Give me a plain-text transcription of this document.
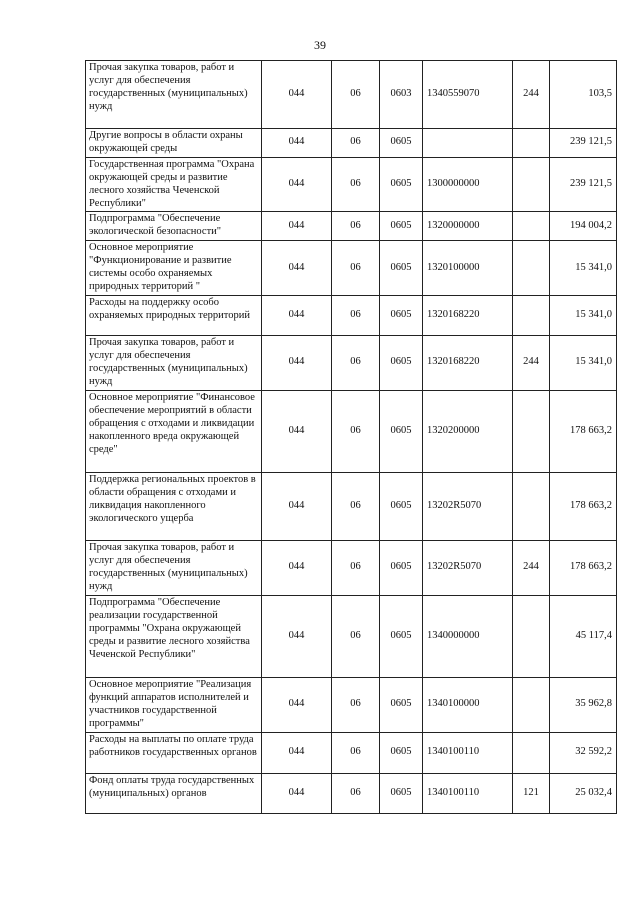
39
Прочая закупка товаров, работ и услуг для обеспечения государственных (муниципальных) нужд	044	06	0603	1340559070	244	103,5
Другие вопросы в области охраны окружающей среды	044	06	0605			239 121,5
Государственная программа "Охрана окружающей среды и развитие лесного хозяйства Чеченской Республики"	044	06	0605	1300000000		239 121,5
Подпрограмма "Обеспечение экологической безопасности"	044	06	0605	1320000000		194 004,2
Основное мероприятие "Функционирование и развитие системы особо охраняемых природных территорий "	044	06	0605	1320100000		15 341,0
Расходы на поддержку особо охраняемых природных территорий	044	06	0605	1320168220		15 341,0
Прочая закупка товаров, работ и услуг для обеспечения государственных (муниципальных) нужд	044	06	0605	1320168220	244	15 341,0
Основное мероприятие "Финансовое обеспечение мероприятий в области обращения с отходами и ликвидации накопленного вреда окружающей среде"	044	06	0605	1320200000		178 663,2
Поддержка региональных проектов в области обращения с отходами и ликвидация накопленного экологического ущерба	044	06	0605	13202R5070		178 663,2
Прочая закупка товаров, работ и услуг для обеспечения государственных (муниципальных) нужд	044	06	0605	13202R5070	244	178 663,2
Подпрограмма "Обеспечение реализации государственной программы "Охрана окружающей среды и развитие лесного хозяйства Чеченской Республики"	044	06	0605	1340000000		45 117,4
Основное мероприятие "Реализация функций аппаратов исполнителей и участников государственной программы"	044	06	0605	1340100000		35 962,8
Расходы на выплаты по оплате труда работников государственных органов	044	06	0605	1340100110		32 592,2
Фонд оплаты труда государственных (муниципальных) органов	044	06	0605	1340100110	121	25 032,4
